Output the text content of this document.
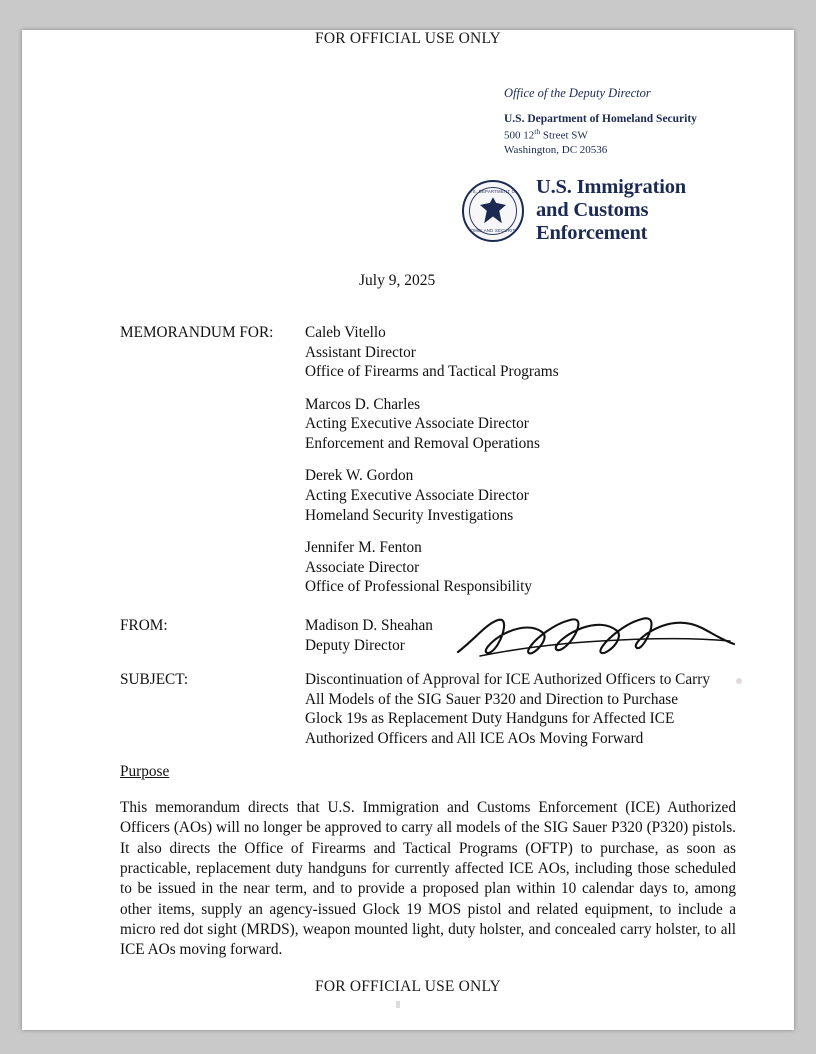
FOR OFFICIAL USE ONLY
Office of the Deputy Director
U.S. Department of Homeland Security
500 12th Street SW
Washington, DC 20536
U.S. DEPARTMENT OF
HOMELAND SECURITY
U.S. Immigration
and Customs
Enforcement
July 9, 2025
MEMORANDUM FOR:	Caleb Vitello
Assistant Director
Office of Firearms and Tactical Programs
Marcos D. Charles
Acting Executive Associate Director
Enforcement and Removal Operations
Derek W. Gordon
Acting Executive Associate Director
Homeland Security Investigations
Jennifer M. Fenton
Associate Director
Office of Professional Responsibility
FROM:	Madison D. Sheahan
Deputy Director
SUBJECT:	Discontinuation of Approval for ICE Authorized Officers to Carry
All Models of the SIG Sauer P320 and Direction to Purchase
Glock 19s as Replacement Duty Handguns for Affected ICE
Authorized Officers and All ICE AOs Moving Forward
Purpose
This memorandum directs that U.S. Immigration and Customs Enforcement (ICE) Authorized Officers (AOs) will no longer be approved to carry all models of the SIG Sauer P320 (P320) pistols. It also directs the Office of Firearms and Tactical Programs (OFTP) to purchase, as soon as practicable, replacement duty handguns for currently affected ICE AOs, including those scheduled to be issued in the near term, and to provide a proposed plan within 10 calendar days to, among other items, supply an agency-issued Glock 19 MOS pistol and related equipment, to include a micro red dot sight (MRDS), weapon mounted light, duty holster, and concealed carry holster, to all ICE AOs moving forward.
FOR OFFICIAL USE ONLY
